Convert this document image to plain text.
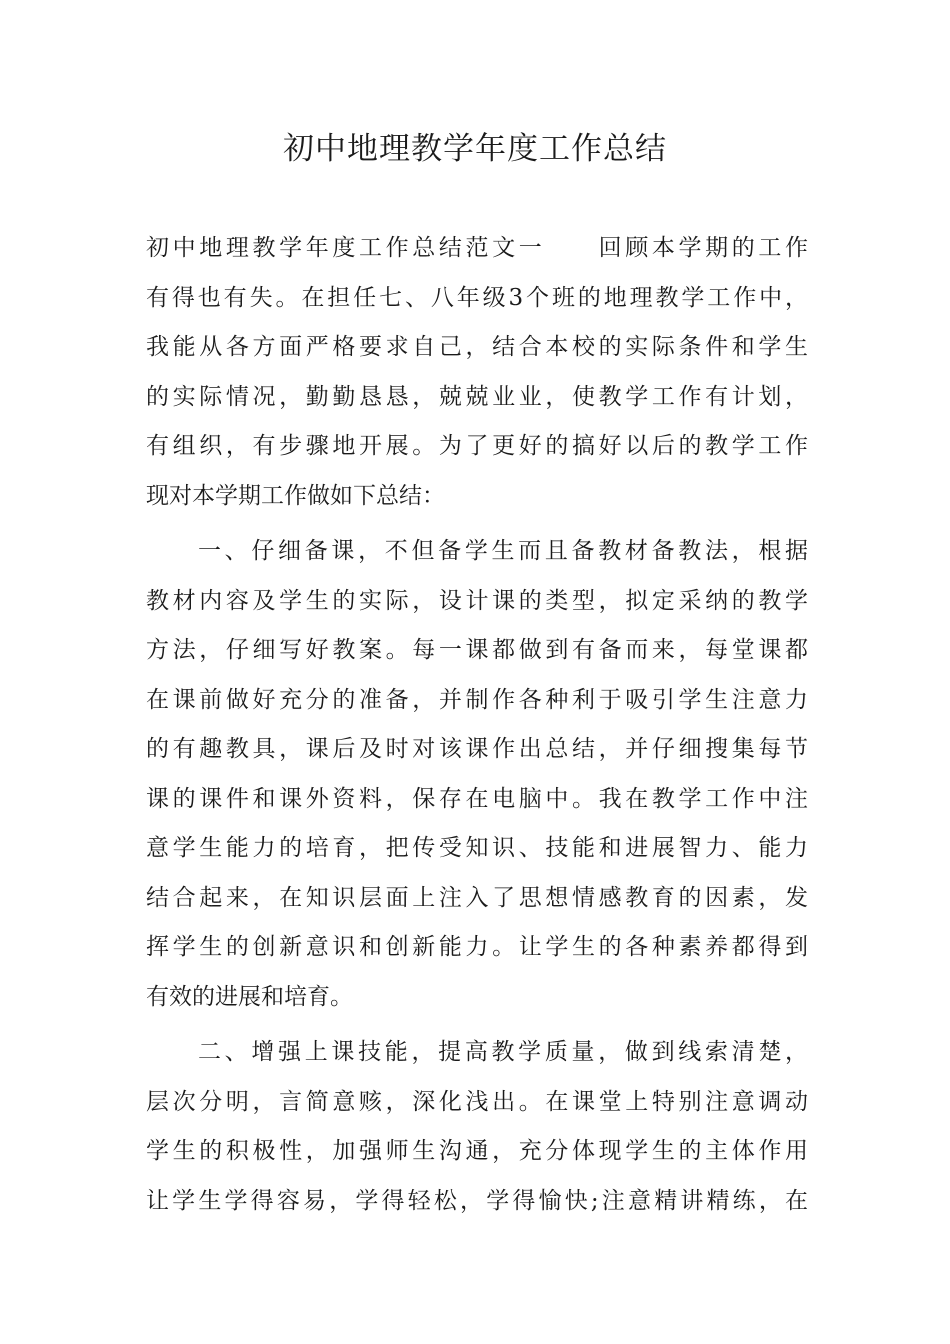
初中地理教学年度工作总结
初中地理教学年度工作总结范文一　　回顾本学期的工作
有得也有失。在担任七、八年级3个班的地理教学工作中，
我能从各方面严格要求自己，结合本校的实际条件和学生
的实际情况，勤勤恳恳，兢兢业业，使教学工作有计划，
有组织，有步骤地开展。为了更好的搞好以后的教学工作
现对本学期工作做如下总结：
一、仔细备课，不但备学生而且备教材备教法，根据
教材内容及学生的实际，设计课的类型，拟定采纳的教学
方法，仔细写好教案。每一课都做到有备而来，每堂课都
在课前做好充分的准备，并制作各种利于吸引学生注意力
的有趣教具，课后及时对该课作出总结，并仔细搜集每节
课的课件和课外资料，保存在电脑中。我在教学工作中注
意学生能力的培育，把传受知识、技能和进展智力、能力
结合起来，在知识层面上注入了思想情感教育的因素，发
挥学生的创新意识和创新能力。让学生的各种素养都得到
有效的进展和培育。
二、增强上课技能，提高教学质量，做到线索清楚，
层次分明，言简意赅，深化浅出。在课堂上特别注意调动
学生的积极性，加强师生沟通，充分体现学生的主体作用
让学生学得容易，学得轻松，学得愉快;注意精讲精练，在
